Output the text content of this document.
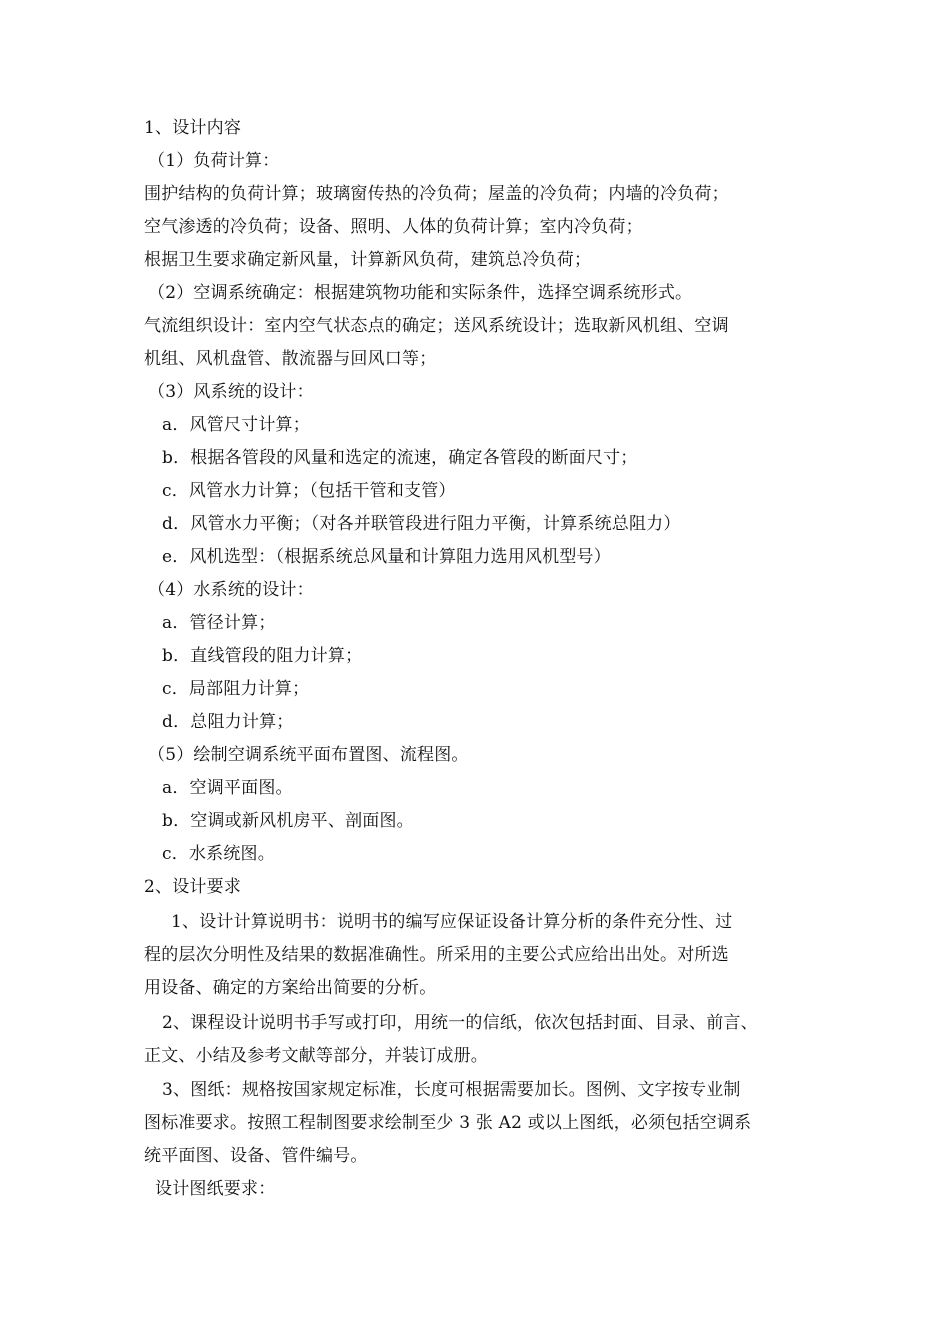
1、设计内容
（1）负荷计算：
围护结构的负荷计算；玻璃窗传热的冷负荷；屋盖的冷负荷；内墙的冷负荷；
空气渗透的冷负荷；设备、照明、人体的负荷计算；室内冷负荷；
根据卫生要求确定新风量，计算新风负荷，建筑总冷负荷；
（2）空调系统确定：根据建筑物功能和实际条件，选择空调系统形式。
气流组织设计：室内空气状态点的确定；送风系统设计；选取新风机组、空调
机组、风机盘管、散流器与回风口等；
（3）风系统的设计：
a．风管尺寸计算；
b．根据各管段的风量和选定的流速，确定各管段的断面尺寸；
c．风管水力计算；（包括干管和支管）
d．风管水力平衡；（对各并联管段进行阻力平衡，计算系统总阻力）
e．风机选型：（根据系统总风量和计算阻力选用风机型号）
（4）水系统的设计：
a．管径计算；
b．直线管段的阻力计算；
c．局部阻力计算；
d．总阻力计算；
（5）绘制空调系统平面布置图、流程图。
a．空调平面图。
b．空调或新风机房平、剖面图。
c．水系统图。
2、设计要求
1、设计计算说明书：说明书的编写应保证设备计算分析的条件充分性、过
程的层次分明性及结果的数据准确性。所采用的主要公式应给出出处。对所选
用设备、确定的方案给出简要的分析。
2、课程设计说明书手写或打印，用统一的信纸，依次包括封面、目录、前言、
正文、小结及参考文献等部分，并装订成册。
3、图纸：规格按国家规定标准，长度可根据需要加长。图例、文字按专业制
图标准要求。按照工程制图要求绘制至少 3 张 A2 或以上图纸，必须包括空调系
统平面图、设备、管件编号。
设计图纸要求：
